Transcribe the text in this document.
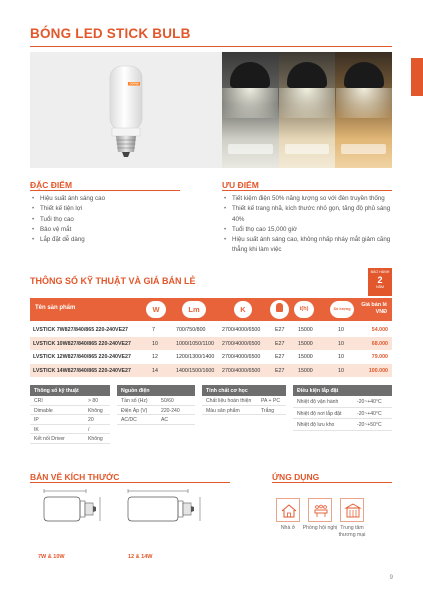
BÓNG LED STICK BULB
OSRAM
ĐẶC ĐIỂM
• Hiệu suất ánh sáng cao
• Thiết kế tiện lợi
• Tuổi thọ cao
• Bảo vệ mắt
• Lắp đặt dễ dàng
ƯU ĐIỂM
• Tiết kiệm điện 50% năng lượng so với đèn truyền thống
• Thiết kế trang nhã, kích thước nhỏ gọn, tăng độ phủ sáng 40%
• Tuổi thọ cao 15,000 giờ
• Hiệu suất ánh sáng cao, không nhấp nháy mắt giảm căng thẳng khi làm việc
THÔNG SỐ KỸ THUẬT VÀ GIÁ BÁN LẺ
BẢO HÀNH
2
NĂM
Tên sản phẩm	W	Lm	K	t(h)	Số lượng
Giá bán lẻ
VNĐ
LVSTICK 7W827/840/865 220-240VE27	7	700/750/800	2700/4000/6500	E27	15000	10	54.000
LVSTICK 10W827/840/865 220-240VE27	10	1000/1050/1100 2700/4000/6500	E27	15000	10	68.000
LVSTICK 12W827/840/865 220-240VE27	12	1200/1300/1400 2700/4000/6500	E27	15000	10	79.000
LVSTICK 14W827/840/865 220-240VE27	14	1400/1500/1600 2700/4000/6500	E27	15000	10	100.000
Thông số kỹ thuật
CRI	> 80
Dimable	Không
IP	20
IK	/
Kết nối Driver	Không
Nguồn điện
Tần số (Hz)	50/60
Điện Áp (V)	220-240
AC/DC	AC
Tính chất cơ học
Chất liệu hoàn thiện PA + PC
Màu sản phẩm	Trắng
Điều kiện lắp đặt
Nhiệt độ vận hành	-20~+40°C
Nhiệt độ nơi lắp đặt	-20~+40°C
Nhiệt độ lưu kho	-20~+50°C
BẢN VẼ KÍCH THƯỚC
7W & 10W	12 & 14W
ỨNG DỤNG
Nhà ở	Phòng hội nghị Trung tâm thương mại
9
